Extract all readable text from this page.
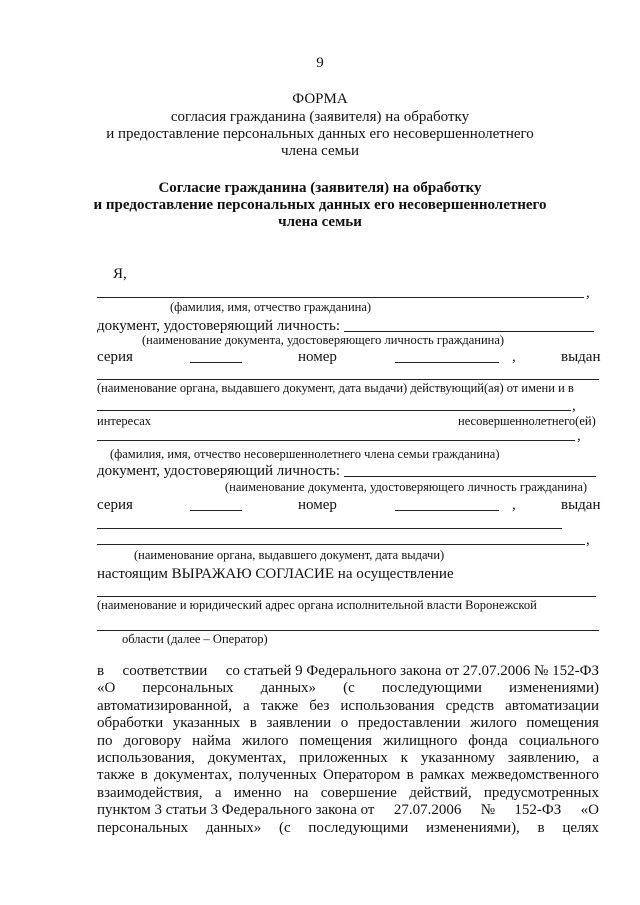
9
ФОРМА
согласия гражданина (заявителя) на обработку
и предоставление персональных данных его несовершеннолетнего
члена семьи
Согласие гражданина (заявителя) на обработку
и предоставление персональных данных его несовершеннолетнего
члена семьи
Я,
,
(фамилия, имя, отчество гражданина)
документ, удостоверяющий личность:
(наименование документа, удостоверяющего личность гражданина)
серия	номер	,	выдан
(наименование органа, выдавшего документ, дата выдачи) действующий(ая) от имени и в
,
интересах	несовершеннолетнего(ей)
,
(фамилия, имя, отчество несовершеннолетнего члена семьи гражданина)
документ, удостоверяющий личность:
(наименование документа, удостоверяющего личность гражданина)
серия	номер	,	выдан
,
(наименование органа, выдавшего документ, дата выдачи)
настоящим ВЫРАЖАЮ СОГЛАСИЕ на осуществление
(наименование и юридический адрес органа исполнительной власти Воронежской
области (далее – Оператор)
в соответствии со статьей 9 Федерального закона от 27.07.2006 № 152-ФЗ
«О персональных данных» (с последующими изменениями)
автоматизированной, а также без использования средств автоматизации
обработки указанных в заявлении о предоставлении жилого помещения
по договору найма жилого помещения жилищного фонда социального
использования, документах, приложенных к указанному заявлению, а
также в документах, полученных Оператором в рамках межведомственного
взаимодействия, а именно на совершение действий, предусмотренных
пунктом 3 статьи 3 Федерального закона от 27.07.2006 № 152-ФЗ «О
персональных данных» (с последующими изменениями), в целях
